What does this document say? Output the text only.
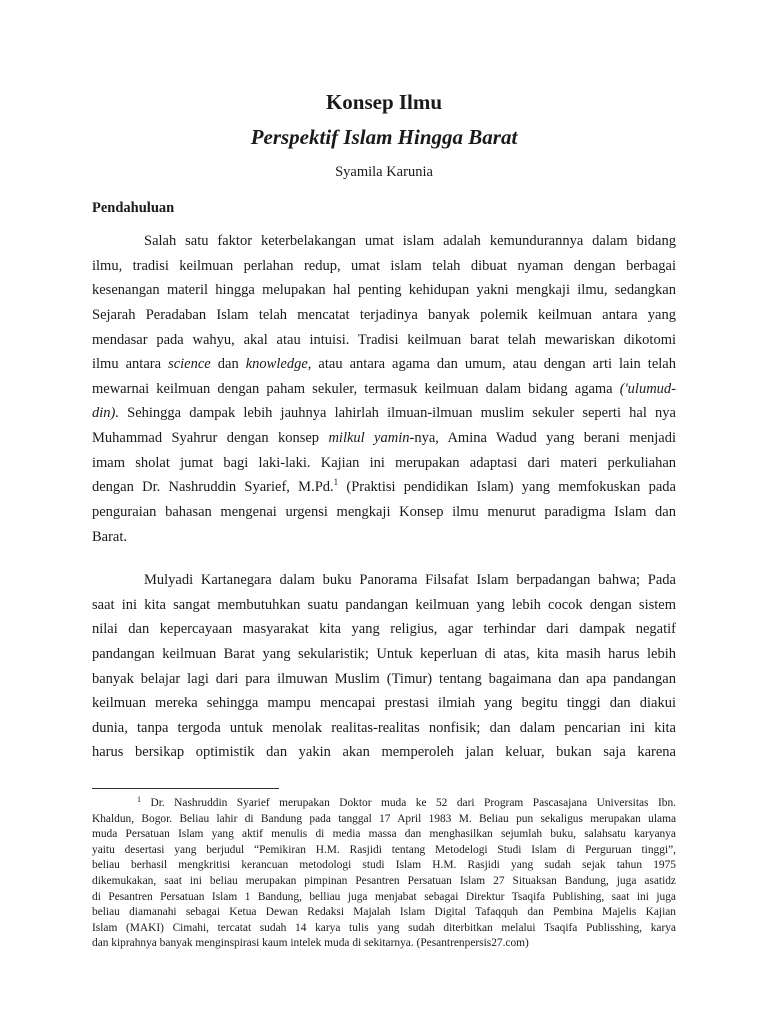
Konsep Ilmu
Perspektif Islam Hingga Barat
Syamila Karunia
Pendahuluan
Salah satu faktor keterbelakangan umat islam adalah kemundurannya dalam bidang
ilmu, tradisi keilmuan perlahan redup, umat islam telah dibuat nyaman dengan berbagai
kesenangan materil hingga melupakan hal penting kehidupan yakni mengkaji ilmu, sedangkan
Sejarah Peradaban Islam telah mencatat terjadinya banyak polemik keilmuan antara yang
mendasar pada wahyu, akal atau intuisi. Tradisi keilmuan barat telah mewariskan dikotomi
ilmu antara science dan knowledge, atau antara agama dan umum, atau dengan arti lain telah
mewarnai keilmuan dengan paham sekuler, termasuk keilmuan dalam bidang agama ('ulumud-
din). Sehingga dampak lebih jauhnya lahirlah ilmuan-ilmuan muslim sekuler seperti hal nya
Muhammad Syahrur dengan konsep milkul yamin-nya, Amina Wadud yang berani menjadi
imam sholat jumat bagi laki-laki. Kajian ini merupakan adaptasi dari materi perkuliahan
dengan Dr. Nashruddin Syarief, M.Pd.$^1$ (Praktisi pendidikan Islam) yang memfokuskan pada
penguraian bahasan mengenai urgensi mengkaji Konsep ilmu menurut paradigma Islam dan
Barat.
Mulyadi Kartanegara dalam buku Panorama Filsafat Islam berpadangan bahwa; Pada
saat ini kita sangat membutuhkan suatu pandangan keilmuan yang lebih cocok dengan sistem
nilai dan kepercayaan masyarakat kita yang religius, agar terhindar dari dampak negatif
pandangan keilmuan Barat yang sekularistik; Untuk keperluan di atas, kita masih harus lebih
banyak belajar lagi dari para ilmuwan Muslim (Timur) tentang bagaimana dan apa pandangan
keilmuan mereka sehingga mampu mencapai prestasi ilmiah yang begitu tinggi dan diakui
dunia, tanpa tergoda untuk menolak realitas-realitas nonfisik; dan dalam pencarian ini kita
harus bersikap optimistik dan yakin akan memperoleh jalan keluar, bukan saja karena
$^1$ Dr. Nashruddin Syarief merupakan Doktor muda ke 52 dari Program Pascasajana Universitas Ibn.
Khaldun, Bogor. Beliau lahir di Bandung pada tanggal 17 April 1983 M. Beliau pun sekaligus merupakan ulama
muda Persatuan Islam yang aktif menulis di media massa dan menghasilkan sejumlah buku, salahsatu karyanya
yaitu desertasi yang berjudul “Pemikiran H.M. Rasjidi tentang Metodelogi Studi Islam di Perguruan tinggi”,
beliau berhasil mengkritisi kerancuan metodologi studi Islam H.M. Rasjidi yang sudah sejak tahun 1975
dikemukakan, saat ini beliau merupakan pimpinan Pesantren Persatuan Islam 27 Situaksan Bandung, juga asatidz
di Pesantren Persatuan Islam 1 Bandung, belliau juga menjabat sebagai Direktur Tsaqifa Publishing, saat ini juga
beliau diamanahi sebagai Ketua Dewan Redaksi Majalah Islam Digital Tafaqquh dan Pembina Majelis Kajian
Islam (MAKI) Cimahi, tercatat sudah 14 karya tulis yang sudah diterbitkan melalui Tsaqifa Publisshing, karya
dan kiprahnya banyak menginspirasi kaum intelek muda di sekitarnya. (Pesantrenpersis27.com)
